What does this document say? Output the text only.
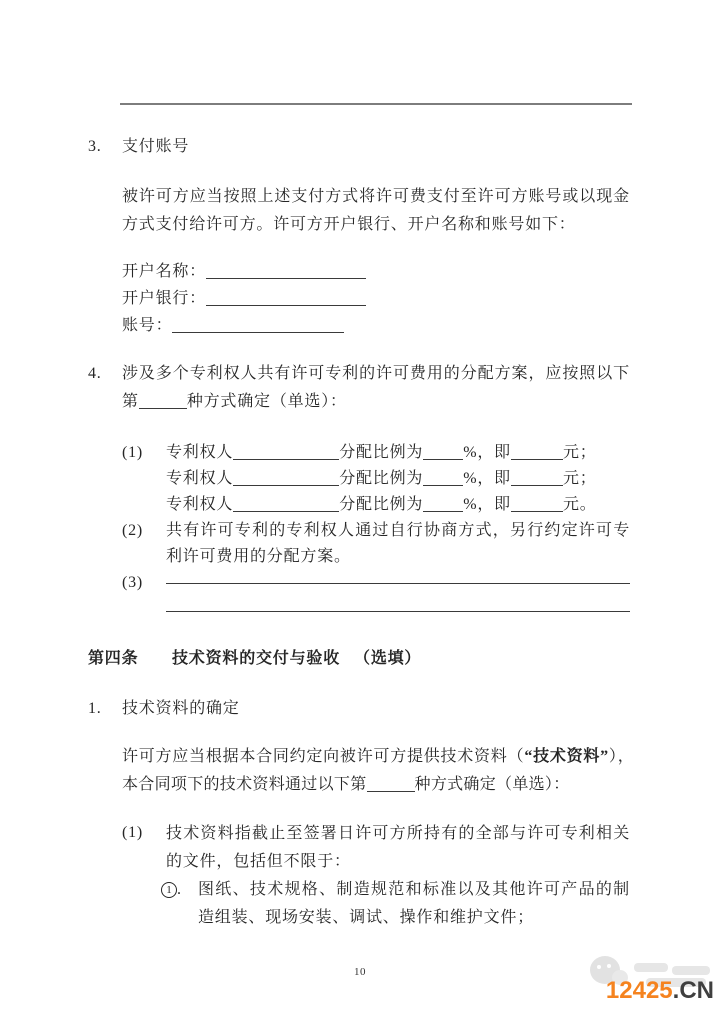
3.	支付账号
被许可方应当按照上述支付方式将许可费支付至许可方账号或以现金方式支付给许可方。许可方开户银行、开户名称和账号如下：
开户名称：
开户银行：
账号：
4.	涉及多个专利权人共有许可专利的许可费用的分配方案，应按照以下第	种方式确定（单选）：
(1)	专利权人	分配比例为	%，即	元；
专利权人	分配比例为	%，即	元；
专利权人	分配比例为	%，即	元。
(2)	共有许可专利的专利权人通过自行协商方式，另行约定许可专利许可费用的分配方案。
(3)
第四条	技术资料的交付与验收 （选填）
1.	技术资料的确定
许可方应当根据本合同约定向被许可方提供技术资料（“技术资料”），本合同项下的技术资料通过以下第	种方式确定（单选）：
(1)	技术资料指截止至签署日许可方所持有的全部与许可专利相关的文件，包括但不限于：
1 .	图纸、技术规格、制造规范和标准以及其他许可产品的制造组装、现场安装、调试、操作和维护文件；
10
12425.CN
